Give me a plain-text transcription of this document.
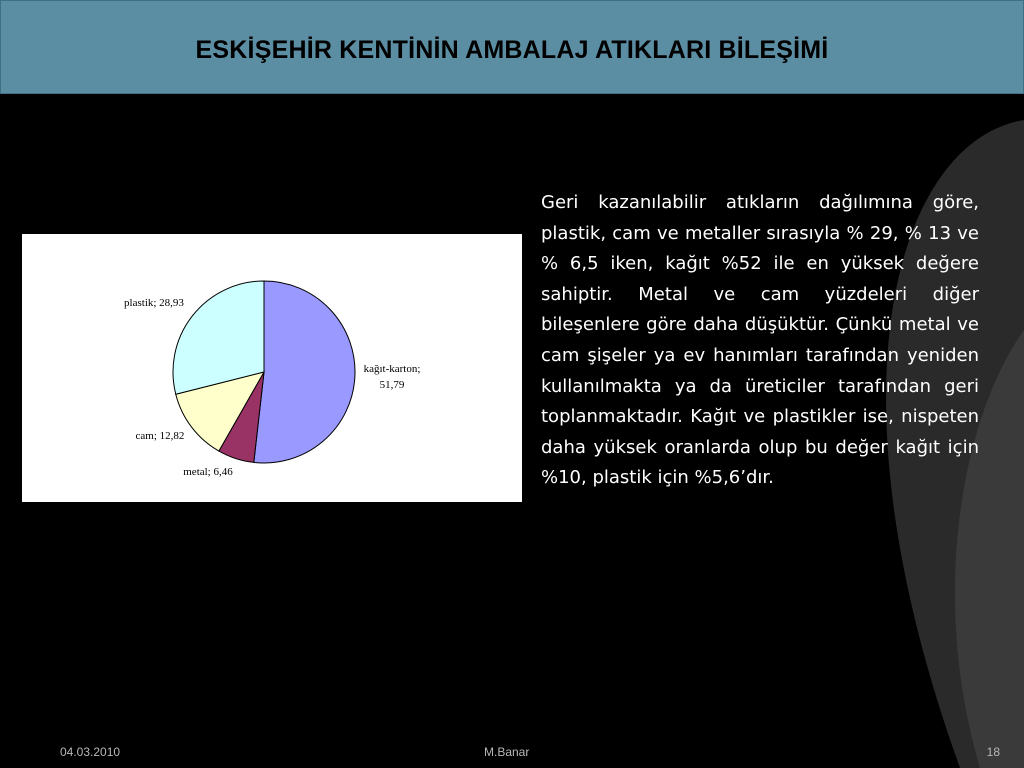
ESKİŞEHİR KENTİNİN AMBALAJ ATIKLARI BİLEŞİMİ
kağıt-karton; 51,79
metal; 6,46
cam; 12,82
plastik; 28,93
Geri kazanılabilir atıkların dağılımına göre, plastik, cam ve metaller sırasıyla % 29, % 13 ve % 6,5 iken, kağıt %52 ile en yüksek değere sahiptir. Metal ve cam yüzdeleri diğer bileşenlere göre daha düşüktür. Çünkü metal ve cam şişeler ya ev hanımları tarafından yeniden kullanılmakta ya da üreticiler tarafından geri toplanmaktadır. Kağıt ve plastikler ise, nispeten daha yüksek oranlarda olup bu değer kağıt için %10, plastik için %5,6’dır.
04.03.2010	M.Banar	18
